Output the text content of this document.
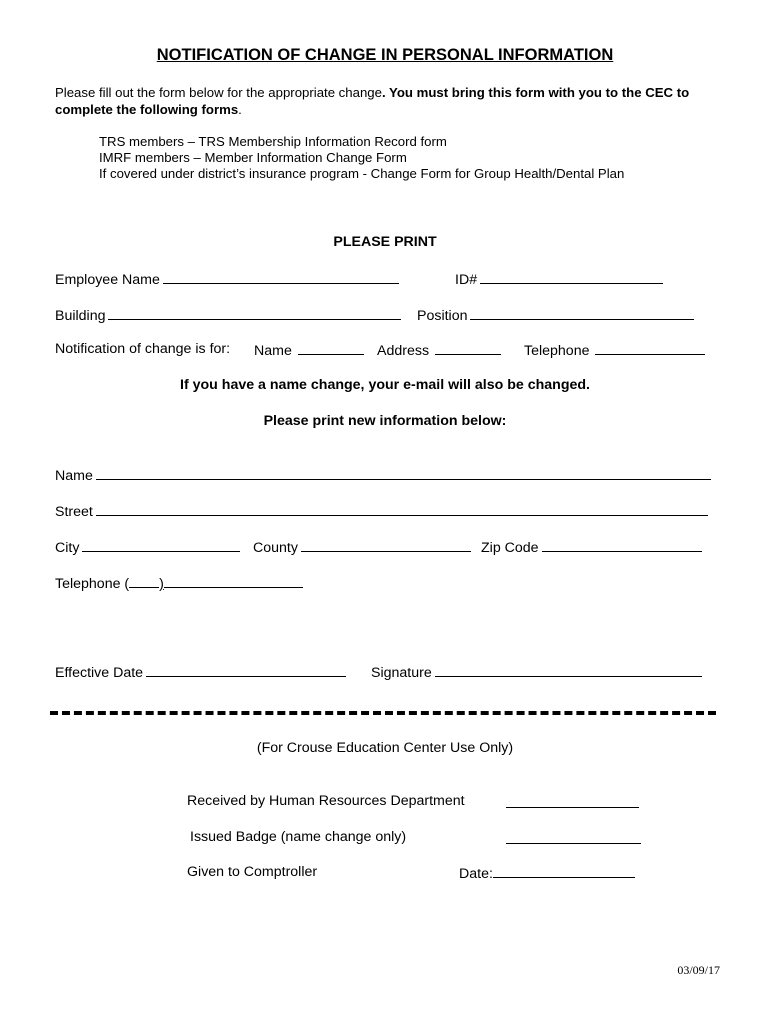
NOTIFICATION OF CHANGE IN PERSONAL INFORMATION
Please fill out the form below for the appropriate change. You must bring this form with you to the CEC to complete the following forms.
TRS members – TRS Membership Information Record form
IMRF members – Member Information Change Form
If covered under district’s insurance program - Change Form for Group Health/Dental Plan
PLEASE PRINT
Employee Name	ID#
Building	Position
Notification of change is for: Name	Address	Telephone
If you have a name change, your e-mail will also be changed.
Please print new information below:
Name
Street
City	County	Zip Code
Telephone ( )
Effective Date	Signature
(For Crouse Education Center Use Only)
Received by Human Resources Department
Issued Badge (name change only)
Given to Comptroller	Date:
03/09/17
